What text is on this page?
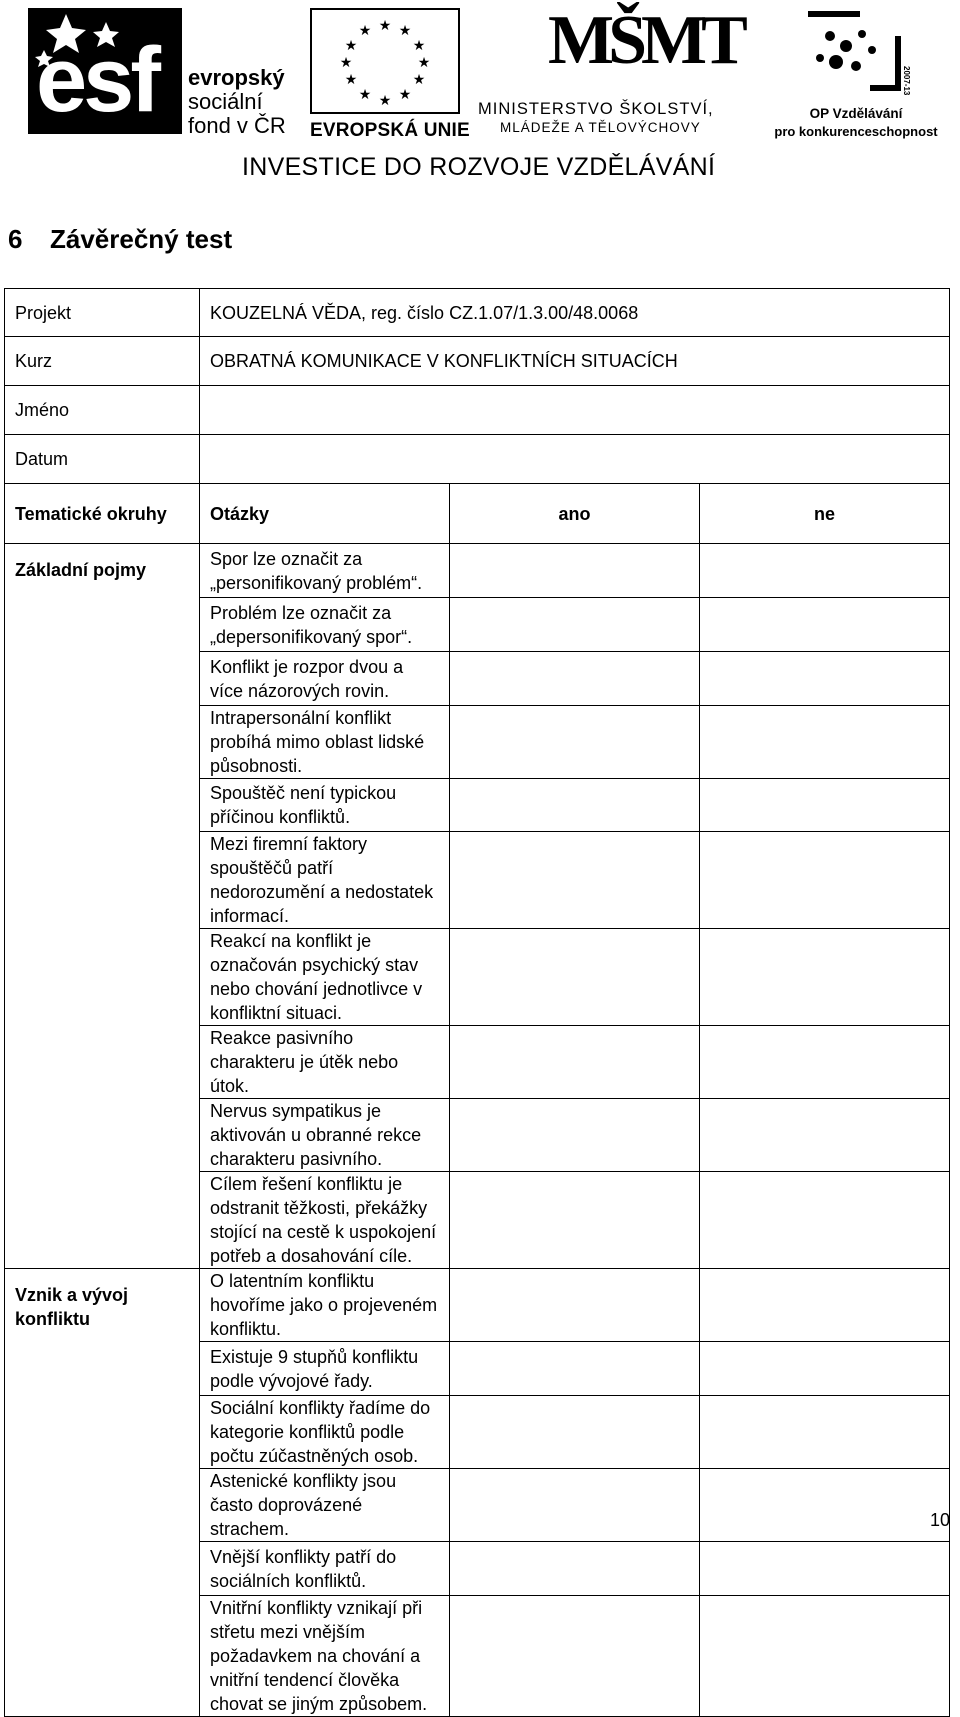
esf evropský
sociální
fond v ČR
★ ★
★
★
★
★
★
★
★
★
★
★
EVROPSKÁ UNIE
MŠMT
MINISTERSTVO ŠKOLSTVÍ,
MLÁDEŽE A TĚLOVÝCHOVY
2007-13
OP Vzdělávání
pro konkurenceschopnost
INVESTICE DO ROZVOJE VZDĚLÁVÁNÍ
6 Závěrečný test
Projekt	KOUZELNÁ VĚDA, reg. číslo CZ.1.07/1.3.00/48.0068		
Kurz	OBRATNÁ KOMUNIKACE V KONFLIKTNÍCH SITUACÍCH		
Jméno			
Datum			
Tematické okruhy	Otázky	ano	ne
Základní pojmy	Spor lze označit za „personifikovaný problém“.		
	Problém lze označit za „depersonifikovaný spor“.		
	Konflikt je rozpor dvou a více názorových rovin.		
	Intrapersonální konflikt probíhá mimo oblast lidské působnosti.		
	Spouštěč není typickou příčinou konfliktů.		
	Mezi firemní faktory spouštěčů patří nedorozumění a nedostatek informací.		
	Reakcí na konflikt je označován psychický stav nebo chování jednotlivce v konfliktní situaci.		
	Reakce pasivního charakteru je útěk nebo útok.		
	Nervus sympatikus je aktivován u obranné rekce charakteru pasivního.		
	Cílem řešení konfliktu je odstranit těžkosti, překážky stojící na cestě k uspokojení potřeb a dosahování cíle.		
Vznik a vývoj konfliktu	O latentním konfliktu hovoříme jako o projeveném konfliktu.		
	Existuje 9 stupňů konfliktu podle vývojové řady.		
	Sociální konflikty řadíme do kategorie konfliktů podle počtu zúčastněných osob.		
	Astenické konflikty jsou často doprovázené strachem.		
	Vnější konflikty patří do sociálních konfliktů.		
	Vnitřní konflikty vznikají při střetu mezi vnějším požadavkem na chování a vnitřní tendencí člověka chovat se jiným způsobem.		
10
